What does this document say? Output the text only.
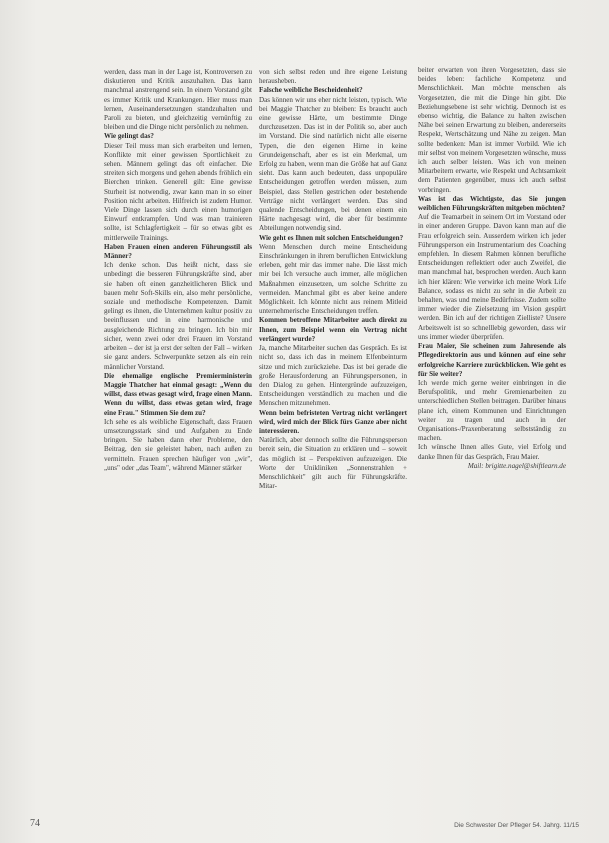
werden, dass man in der Lage ist, Kontroversen zu diskutieren und Kritik auszuhalten. Das kann manchmal anstrengend sein. In einem Vorstand gibt es immer Kritik und Krankungen. Hier muss man lernen, Auseinandersetzungen standzuhalten und Paroli zu bieten, und gleichzeitig vernünftig zu bleiben und die Dinge nicht persönlich zu nehmen.

Wie gelingt das?

Dieser Teil muss man sich erarbeiten und lernen, Konflikte mit einer gewissen Sportlichkeit zu sehen. Männern gelingt das oft einfacher. Die streiten sich morgens und gehen abends fröhlich ein Bierchen trinken. Generell gilt: Eine gewisse Sturheit ist notwendig, zwar kann man in so einer Position nicht arbeiten. Hilfreich ist zudem Humor. Viele Dinge lassen sich durch einen humorigen Einwurf entkrampfen. Und was man trainieren sollte, ist Schlagfertigkeit – für so etwas gibt es mittlerweile Trainings.

Haben Frauen einen anderen Führungsstil als Männer?

Ich denke schon. Das heißt nicht, dass sie unbedingt die besseren Führungskräfte sind, aber sie haben oft einen ganzheitlicheren Blick und bauen mehr Soft-Skills ein, also mehr persönliche, soziale und methodische Kompetenzen. Damit gelingt es ihnen, die Unternehmen kultur positiv zu beeinflussen und in eine harmonische und ausgleichende Richtung zu bringen. Ich bin mir sicher, wenn zwei oder drei Frauen im Vorstand arbeiten – der ist ja erst der selten der Fall – wirken sie ganz anders. Schwerpunkte setzen als ein rein männlicher Vorstand.

Die ehemalige englische Premierministerin Maggie Thatcher hat einmal gesagt: „Wenn du willst, dass etwas gesagt wird, frage einen Mann. Wenn du willst, dass etwas getan wird, frage eine Frau." Stimmen Sie dem zu?

Ich sehe es als weibliche Eigenschaft, dass Frauen umsetzungsstark sind und Aufgaben zu Ende bringen. Sie haben dann eher Probleme, den Beitrag, den sie geleistet haben, nach außen zu vermitteln. Frauen sprechen häufiger von „wir", „uns" oder „das Team", während Männer stärker

von sich selbst reden und ihre eigene Leistung herausheben.

Falsche weibliche Bescheidenheit?

Das können wir uns eher nicht leisten, typisch. Wie bei Maggie Thatcher zu bleiben: Es braucht auch eine gewisse Härte, um bestimmte Dinge durchzusetzen. Das ist in der Politik so, aber auch im Vorstand. Die sind natürlich nicht alle eiserne Typen, die den eigenen Hirne in keine Grundeigenschaft, aber es ist ein Merkmal, um Erfolg zu haben, wenn man die Größe hat auf Ganz sieht. Das kann auch bedeuten, dass unpopuläre Entscheidungen getroffen werden müssen, zum Beispiel, dass Stellen gestrichen oder bestehende Verträge nicht verlängert werden. Das sind qualende Entscheidungen, bei denen einem ein Härte nachgesagt wird, die aber für bestimmte Abteilungen notwendig sind.

Wie geht es Ihnen mit solchen Entscheidungen?

Wenn Menschen durch meine Entscheidung Einschränkungen in ihrem beruflichen Entwicklung erleben, geht mir das immer nahe. Die lässt mich mir bei Ich versuche auch immer, alle möglichen Maßnahmen einzusetzen, um solche Schritte zu vermeiden. Manchmal gibt es aber keine andere Möglichkeit. Ich könnte nicht aus reinem Mitleid unternehmerische Entscheidungen treffen.

Kommen betroffene Mitarbeiter auch direkt zu Ihnen, zum Beispiel wenn ein Vertrag nicht verlängert wurde?

Ja, manche Mitarbeiter suchen das Gespräch. Es ist nicht so, dass ich das in meinem Elfenbeinturm sitze und mich zurückziehe. Das ist bei gerade die große Herausforderung an Führungspersonen, in den Dialog zu gehen. Hintergründe aufzuzeigen, Entscheidungen verständlich zu machen und die Menschen mitzunehmen.

Wenn beim befristeten Vertrag nicht verlängert wird, wird mich der Blick fürs Ganze aber nicht interessieren.

Natürlich, aber dennoch sollte die Führungsperson bereit sein, die Situation zu erklären und – soweit das möglich ist – Perspektiven aufzuzeigen. Die Worte der Unikliniken „Sonnenstrahlen + Menschlichkeit" gilt auch für Führungskräfte. Mitar-

beiter erwarten von ihren Vorgesetzten, dass sie beides leben: fachliche Kompetenz und Menschlichkeit. Man möchte menschen als Vorgesetzten, die mit die Dinge hin gibt. Die Beziehungsebene ist sehr wichtig. Dennoch ist es ebenso wichtig, die Balance zu halten zwischen Nähe bei seinen Erwartung zu bleiben, andererseits Respekt, Wertschätzung und Nähe zu zeigen. Man sollte bedenken: Man ist immer Vorbild. Wie ich mir selbst von meinem Vorgesetzten wünsche, muss ich auch selber leisten. Was ich von meinen Mitarbeitern erwarte, wie Respekt und Achtsamkeit dem Patienten gegenüber, muss ich auch selbst vorbringen.

Was ist das Wichtigste, das Sie jungen weiblichen Führungskräften mitgeben möchten?

Auf die Teamarbeit in seinem Ort im Vorstand oder in einer anderen Gruppe. Davon kann man auf die Frau erfolgreich sein. Ausserdem wirken ich jeder Führungsperson ein Instrumentarium des Coaching empfehlen. In diesem Rahmen können berufliche Entscheidungen reflektiert oder auch Zweifel, die man manchmal hat, besprochen werden. Auch kann ich hier klären: Wie verwirke ich meine Work Life Balance, sodass es nicht zu sehr in die Arbeit zu behalten, was und meine Bedürfnisse. Zudem sollte immer wieder die Zielsetzung im Vision gespürt werden. Bin ich auf der richtigen Zielliste? Unsere Arbeitswelt ist so schnelllebig geworden, dass wir uns immer wieder überprüfen.

Frau Maier, Sie scheinen zum Jahresende als Pflegedirektorin aus und können auf eine sehr erfolgreiche Karriere zurückblicken. Wie geht es für Sie weiter?

Ich werde mich gerne weiter einbringen in die Berufspolitik, und mehr Gremienarbeiten zu unterschiedlichen Stellen beitragen. Darüber hinaus plane ich, einem Kommunen und Einrichtungen weiter zu tragen und auch in der Organisations-/Praxenberatung selbstständig zu machen.

Ich wünsche Ihnen alles Gute, viel Erfolg und danke Ihnen für das Gespräch, Frau Maier.

Mail: brigitte.nagel@shiftlearn.de

74	Die Schwester Der Pfleger 54. Jahrg. 11/15
